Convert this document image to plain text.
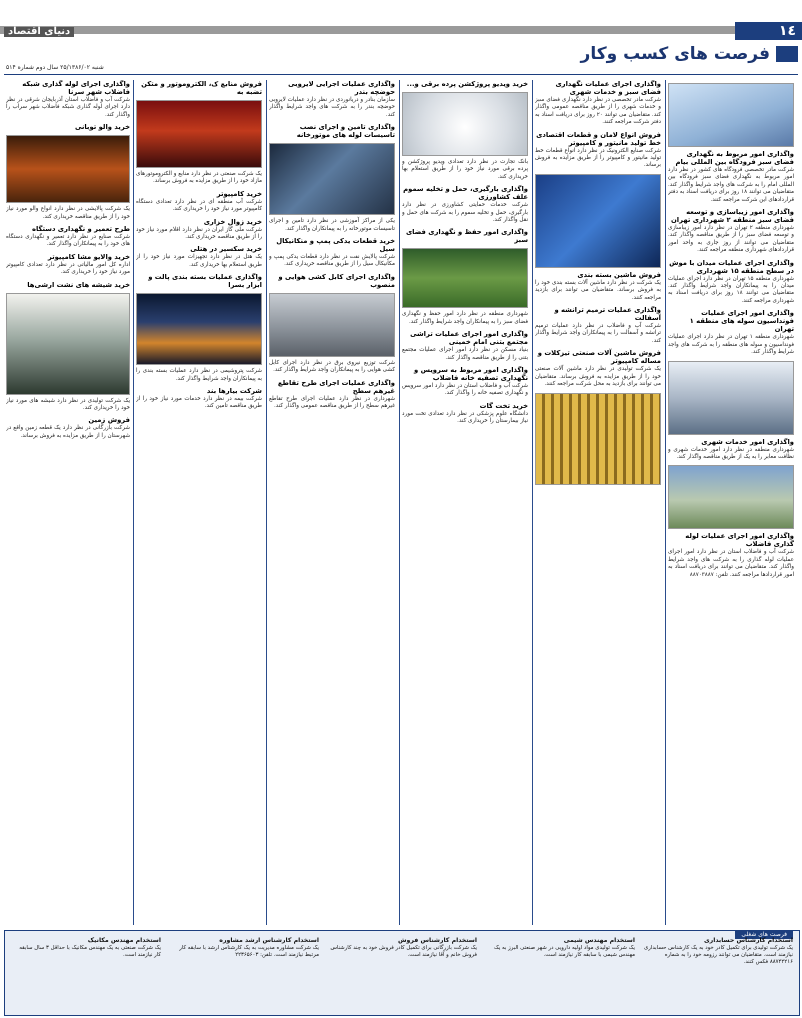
١٤
دنیای اقتصاد
شنبه ۲۵/۱۳۸۶/۰۲ سال دوم شماره ۵۱۴
فرصت های کسب وکار
واگذاری امور مربوط به نگهداری فضای سبز فرودگاه بین المللی بیام

شرکت مادر تخصصی فرودگاه های کشور در نظر دارد امور مربوط به نگهداری فضای سبز فرودگاه بین المللی امام را به شرکت های واجد شرایط واگذار کند. متقاضیان می توانند ۱۸ روز برای دریافت اسناد به دفتر قراردادهای این شرکت مراجعه کنند.

واگذاری امور زیباسازی و توسعه فضای سبز منطقه ۲ شهرداری تهران

شهرداری منطقه ۲ تهران در نظر دارد امور زیباسازی و توسعه فضای سبز را از طریق مناقصه واگذار کند. متقاضیان می توانند از روز جاری به واحد امور قراردادهای شهرداری منطقه مراجعه کنند.

واگذاری اجرای عملیات میدان با موش در سطح منطقه ۱۵ شهرداری

شهرداری منطقه ۱۵ تهران در نظر دارد اجرای عملیات میدان را به پیمانکاران واجد شرایط واگذار کند. متقاضیان می توانند ۱۸ روز برای دریافت اسناد به شهرداری مراجعه کنند.

واگذاری امور اجرای عملیات فونداسیون سوله های منطقه ۱ تهران

شهرداری منطقه ۱ تهران در نظر دارد اجرای عملیات فونداسیون و سوله های منطقه را به شرکت های واجد شرایط واگذار کند.

واگذاری امور خدمات شهری

شهرداری منطقه در نظر دارد امور خدمات شهری و نظافت معابر را به یک از طریق مناقصه واگذار کند.

واگذاری امور اجرای عملیات لوله گذاری فاضلاب

شرکت آب و فاضلاب استان در نظر دارد امور اجرای عملیات لوله گذاری را به شرکت های واجد شرایط واگذار کند. متقاضیان می توانند برای دریافت اسناد به امور قراردادها مراجعه کنند. تلفن: ۸۸۷۰۳۸۸۷

واگذاری اجرای عملیات نگهداری فضای سبز و خدمات شهری

شرکت مادر تخصصی در نظر دارد نگهداری فضای سبز و خدمات شهری را از طریق مناقصه عمومی واگذار کند. متقاضیان می توانند ۲۰ روز برای دریافت اسناد به دفتر شرکت مراجعه کنند.

فروش انواع لامان و قطعات اقتصادی خط تولید مانیتور و کامپیوتر

شرکت صنایع الکترونیک در نظر دارد انواع قطعات خط تولید مانیتور و کامپیوتر را از طریق مزایده به فروش برساند.

فروش ماشین بسته بندی

یک شرکت در نظر دارد ماشین آلات بسته بندی خود را به فروش برساند. متقاضیان می توانند برای بازدید مراجعه کنند.

واگذاری عملیات ترمیم ترانشه و آسفالت

شرکت آب و فاضلاب در نظر دارد عملیات ترمیم ترانشه و آسفالت را به پیمانکاران واجد شرایط واگذار کند.

فروش ماشین آلات صنعتی تیزکلات و مساله کامپیوتر

یک شرکت تولیدی در نظر دارد ماشین آلات صنعتی خود را از طریق مزایده به فروش برساند. متقاضیان می توانند برای بازدید به محل شرکت مراجعه کنند.

خرید ویدیو پروژکشن پرده برقی و...

بانک تجارت در نظر دارد تعدادی ویدیو پروژکشن و پرده برقی مورد نیاز خود را از طریق استعلام بها خریداری کند.

واگذاری بارگیری، حمل و تخلیه سموم علف کشاورزی

شرکت خدمات حمایتی کشاورزی در نظر دارد بارگیری، حمل و تخلیه سموم را به شرکت های حمل و نقل واگذار کند.

واگذاری امور حفظ و نگهداری فضای سبز

شهرداری منطقه در نظر دارد امور حفظ و نگهداری فضای سبز را به پیمانکاران واجد شرایط واگذار کند.

واگذاری امور اجرای عملیات تراشی مجتمع بتنی امام خمینی

بنیاد مسکن در نظر دارد امور اجرای عملیات مجتمع بتنی را از طریق مناقصه واگذار کند.

واگذاری امور مربوط به سرویس و نگهداری تصفیه خانه فاضلاب

شرکت آب و فاضلاب استان در نظر دارد امور سرویس و نگهداری تصفیه خانه را واگذار کند.

خرید تخت گات

دانشگاه علوم پزشکی در نظر دارد تعدادی تخت مورد نیاز بیمارستان را خریداری کند.

واگذاری عملیات اجرایی لایروبی حوضچه بندر

سازمان بنادر و دریانوردی در نظر دارد عملیات لایروبی حوضچه بندر را به شرکت های واجد شرایط واگذار کند.

واگذاری تامین و اجرای نصب تاسیسات لوله های موتورخانه

یکی از مراکز آموزشی در نظر دارد تامین و اجرای تاسیسات موتورخانه را به پیمانکاران واگذار کند.

خرید قطعات یدکی پمپ و منکانیکال سیل

شرکت پالایش نفت در نظر دارد قطعات یدکی پمپ و مکانیکال سیل را از طریق مناقصه خریداری کند.

واگذاری اجرای کابل کشی هوایی و منصوب

شرکت توزیع نیروی برق در نظر دارد اجرای کابل کشی هوایی را به پیمانکاران واجد شرایط واگذار کند.

واگذاری عملیات اجرای طرح تقاطع غیرهم سطح

شهرداری در نظر دارد عملیات اجرای طرح تقاطع غیرهم سطح را از طریق مناقصه عمومی واگذار کند.

فروش منابع ک، الکتروموتور و متکن تضبه به

یک شرکت صنعتی در نظر دارد منابع و الکتروموتورهای مازاد خود را از طریق مزایده به فروش برساند.

خرید کامپیوتر

شرکت آب منطقه ای در نظر دارد تعدادی دستگاه کامپیوتر مورد نیاز خود را خریداری کند.

خرید زوال خزاری

شرکت ملی گاز ایران در نظر دارد اقلام مورد نیاز خود را از طریق مناقصه خریداری کند.

خرید سکسیر در هتلی

یک هتل در نظر دارد تجهیزات مورد نیاز خود را از طریق استعلام بها خریداری کند.

واگذاری عملیات بسته بندی پالت و ابزار بسرا

شرکت پتروشیمی در نظر دارد عملیات بسته بندی را به پیمانکاران واجد شرایط واگذار کند.

شرکت بیارها بند

شرکت بیمه در نظر دارد خدمات مورد نیاز خود را از طریق مناقصه تامین کند.

واگذاری اجرای لوله گذاری شبکه فاضلاب شهر سرنا

شرکت آب و فاضلاب استان آذربایجان شرقی در نظر دارد اجرای لوله گذاری شبکه فاضلاب شهر سراب را واگذار کند.

خرید والو توبانی

یک شرکت پالایشی در نظر دارد انواع والو مورد نیاز خود را از طریق مناقصه خریداری کند.

طرح تعمیر و نگهداری دستگاه

شرکت صنایع در نظر دارد تعمیر و نگهداری دستگاه های خود را به پیمانکاران واگذار کند.

خرید والایو مشا کامپیوتر

اداره کل امور مالیاتی در نظر دارد تعدادی کامپیوتر مورد نیاز خود را خریداری کند.

خرید شیشه های نشت ارشی‌ها

یک شرکت تولیدی در نظر دارد شیشه های مورد نیاز خود را خریداری کند.

فروش زمین

شرکت بازرگانی در نظر دارد یک قطعه زمین واقع در شهرستان را از طریق مزایده به فروش برساند.

فرصت های شغلی
استخدام کارشناس حسابداری

یک شرکت تولیدی برای تکمیل کادر خود به یک کارشناس حسابداری نیازمند است. متقاضیان می توانند رزومه خود را به شماره ۸۸۷۴۲۲۱۶ فکس کنند.

استخدام مهندس شیمی

یک شرکت تولیدی مواد اولیه دارویی در شهر صنعتی البرز به یک مهندس شیمی با سابقه کار نیازمند است.

استخدام کارشناس فروش

یک شرکت بازرگانی برای تکمیل کادر فروش خود به چند کارشناس فروش خانم و آقا نیازمند است.

استخدام کارشناس ارشد مشاوره

یک شرکت مشاوره مدیریت به یک کارشناس ارشد با سابقه کار مرتبط نیازمند است. تلفن: ۲۲۳۶۵۶۰۳

استخدام مهندس مکانیک

یک شرکت صنعتی به یک مهندس مکانیک با حداقل ۳ سال سابقه کار نیازمند است.
